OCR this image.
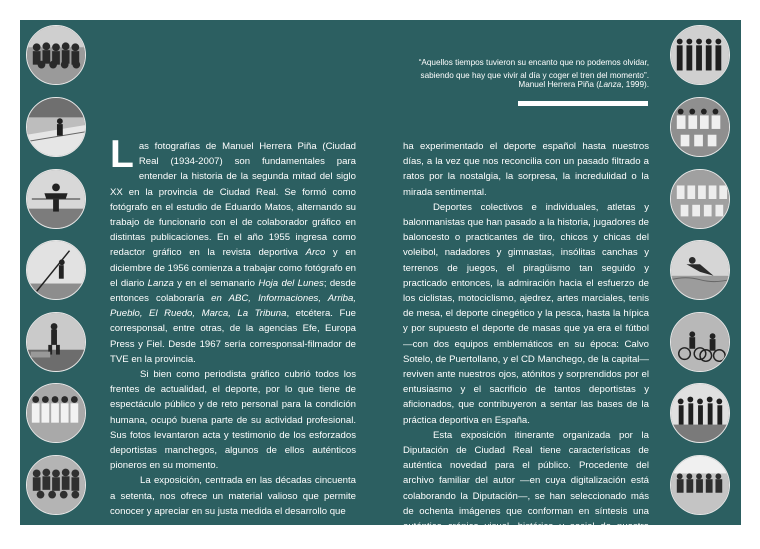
“Aquellos tiempos tuvieron su encanto que no podemos olvidar,
sabiendo que hay que vivir al día y coger el tren del momento”.
Manuel Herrera Piña (Lanza, 1999).

Las fotografías de Manuel Herrera Piña (Ciudad Real (1934-2007) son fundamentales para entender la historia de la segunda mitad del siglo XX en la provincia de Ciudad Real. Se formó como fotógrafo en el estudio de Eduardo Matos, alternando su trabajo de funcionario con el de colaborador gráfico en distintas publicaciones. En el año 1955 ingresa como redactor gráfico en la revista deportiva Arco y en diciembre de 1956 comienza a trabajar como fotógrafo en el diario Lanza y en el semanario Hoja del Lunes; desde entonces colaboraría en ABC, Informaciones, Arriba, Pueblo, El Ruedo, Marca, La Tribuna, etcétera. Fue corresponsal, entre otras, de la agencias Efe, Europa Press y Fiel. Desde 1967 sería corresponsal-filmador de TVE en la provincia.

Si bien como periodista gráfico cubrió todos los frentes de actualidad, el deporte, por lo que tiene de espectáculo público y de reto personal para la condición humana, ocupó buena parte de su actividad profesional. Sus fotos levantaron acta y testimonio de los esforzados deportistas manchegos, algunos de ellos auténticos pioneros en su momento.

La exposición, centrada en las décadas cincuenta a setenta, nos ofrece un material valioso que permite conocer y apreciar en su justa medida el desarrollo que

ha experimentado el deporte español hasta nuestros días, a la vez que nos reconcilia con un pasado filtrado a ratos por la nostalgia, la sorpresa, la incredulidad o la mirada sentimental.

Deportes colectivos e individuales, atletas y balonmanistas que han pasado a la historia, jugadores de baloncesto o practicantes de tiro, chicos y chicas del voleibol, nadadores y gimnastas, insólitas canchas y terrenos de juegos, el piragüismo tan seguido y practicado entonces, la admiración hacia el esfuerzo de los ciclistas, motociclismo, ajedrez, artes marciales, tenis de mesa, el deporte cinegético y la pesca, hasta la hípica y por supuesto el deporte de masas que ya era el fútbol —con dos equipos emblemáticos en su época: Calvo Sotelo, de Puertollano, y el CD Manchego, de la capital— reviven ante nuestros ojos, atónitos y sorprendidos por el entusiasmo y el sacrificio de tantos deportistas y aficionados, que contribuyeron a sentar las bases de la práctica deportiva en España.

Esta exposición itinerante organizada por la Diputación de Ciudad Real tiene características de auténtica novedad para el público. Procedente del archivo familiar del autor —en cuya digitalización está colaborando la Diputación—, se han seleccionado más de ochenta imágenes que conforman en síntesis una auténtica crónica visual, histórica y social de nuestro deporte.
